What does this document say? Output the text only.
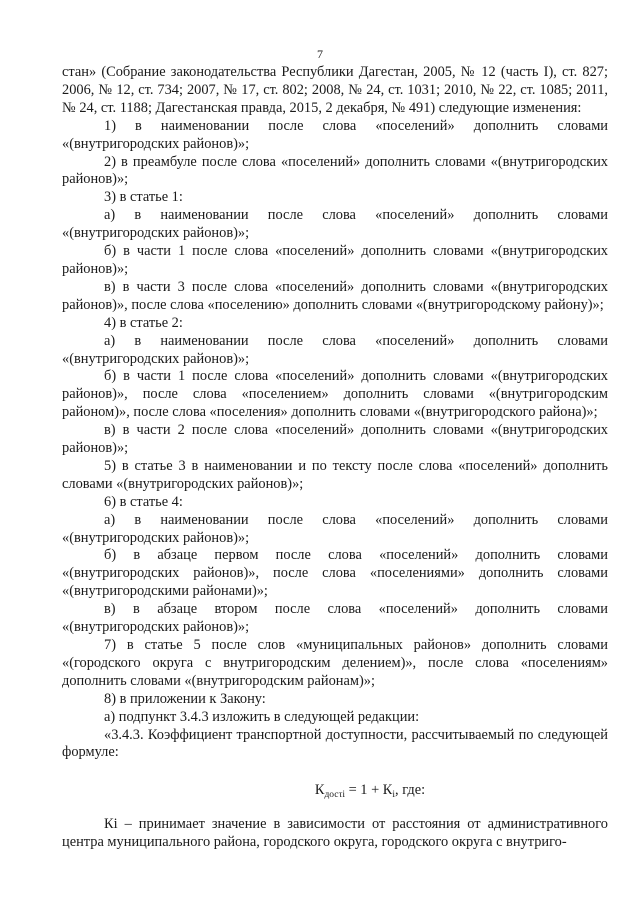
7

стан» (Собрание законодательства Республики Дагестан, 2005, № 12 (часть I), ст. 827; 2006, № 12, ст. 734; 2007, № 17, ст. 802; 2008, № 24, ст. 1031; 2010, № 22, ст. 1085; 2011, № 24, ст. 1188; Дагестанская правда, 2015, 2 декабря, № 491) следующие изменения:

1) в наименовании после слова «поселений» дополнить словами «(внутригородских районов)»;

2) в преамбуле после слова «поселений» дополнить словами «(внутригородских районов)»;

3) в статье 1:

а) в наименовании после слова «поселений» дополнить словами «(внутригородских районов)»;

б) в части 1 после слова «поселений» дополнить словами «(внутригородских районов)»;

в) в части 3 после слова «поселений» дополнить словами «(внутригородских районов)», после слова «поселению» дополнить словами «(внутригородскому району)»;

4) в статье 2:

а) в наименовании после слова «поселений» дополнить словами «(внутригородских районов)»;

б) в части 1 после слова «поселений» дополнить словами «(внутригородских районов)», после слова «поселением» дополнить словами «(внутригородским районом)», после слова «поселения» дополнить словами «(внутригородского района)»;

в) в части 2 после слова «поселений» дополнить словами «(внутригородских районов)»;

5) в статье 3 в наименовании и по тексту после слова «поселений» дополнить словами «(внутригородских районов)»;

6) в статье 4:

а) в наименовании после слова «поселений» дополнить словами «(внутригородских районов)»;

б) в абзаце первом после слова «поселений» дополнить словами «(внутригородских районов)», после слова «поселениями» дополнить словами «(внутригородскими районами)»;

в) в абзаце втором после слова «поселений» дополнить словами «(внутригородских районов)»;

7) в статье 5 после слов «муниципальных районов» дополнить словами «(городского округа с внутригородским делением)», после слова «поселениям» дополнить словами «(внутригородским районам)»;

8) в приложении к Закону:

а) подпункт 3.4.3 изложить в следующей редакции:

«3.4.3. Коэффициент транспортной доступности, рассчитываемый по следующей формуле:

$К_{дос\tau i} = 1 + К_i$, где:

Кi – принимает значение в зависимости от расстояния от административного центра муниципального района, городского округа, городского округа с внутриго-
